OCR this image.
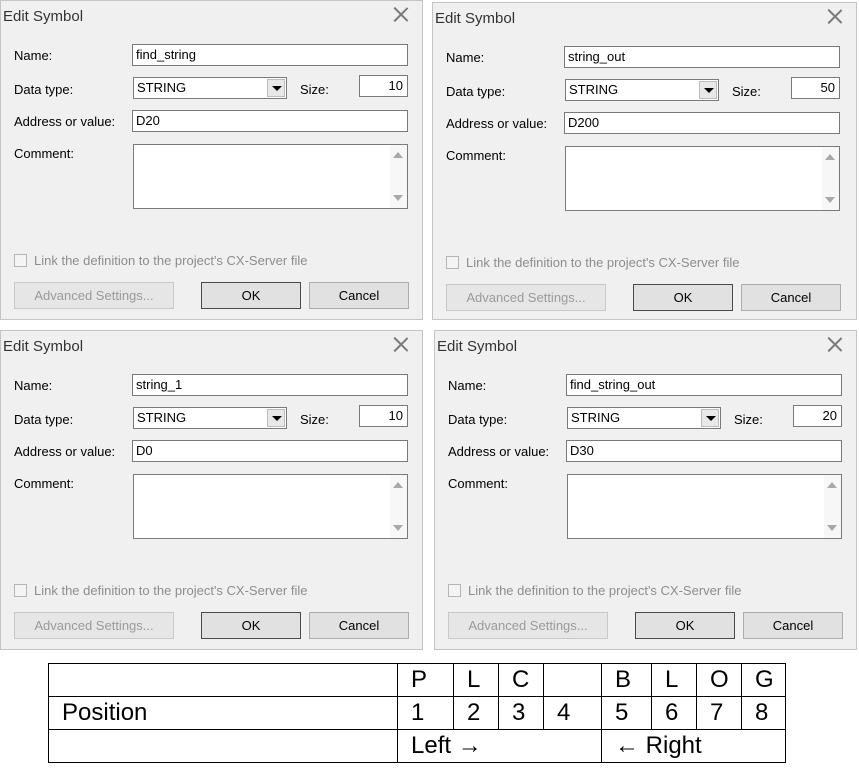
Edit Symbol
Name:	find_string
Data type:	STRING	Size:	10
Address or value:	D20
Comment:
Link the definition to the project's CX-Server file
Advanced Settings...	OK	Cancel
Edit Symbol
Name:	string_out
Data type:	STRING	Size:	50
Address or value:	D200
Comment:
Link the definition to the project's CX-Server file
Advanced Settings...	OK	Cancel
Edit Symbol
Name:	string_1
Data type:	STRING	Size:	10
Address or value:	D0
Comment:
Link the definition to the project's CX-Server file
Advanced Settings...	OK	Cancel
Edit Symbol
Name:	find_string_out
Data type:	STRING	Size:	20
Address or value:	D30
Comment:
Link the definition to the project's CX-Server file
Advanced Settings...	OK	Cancel
	P	L	C		B	L	O	G
Position	1	2	3	4	5	6	7	8
	Left →				← Right			
